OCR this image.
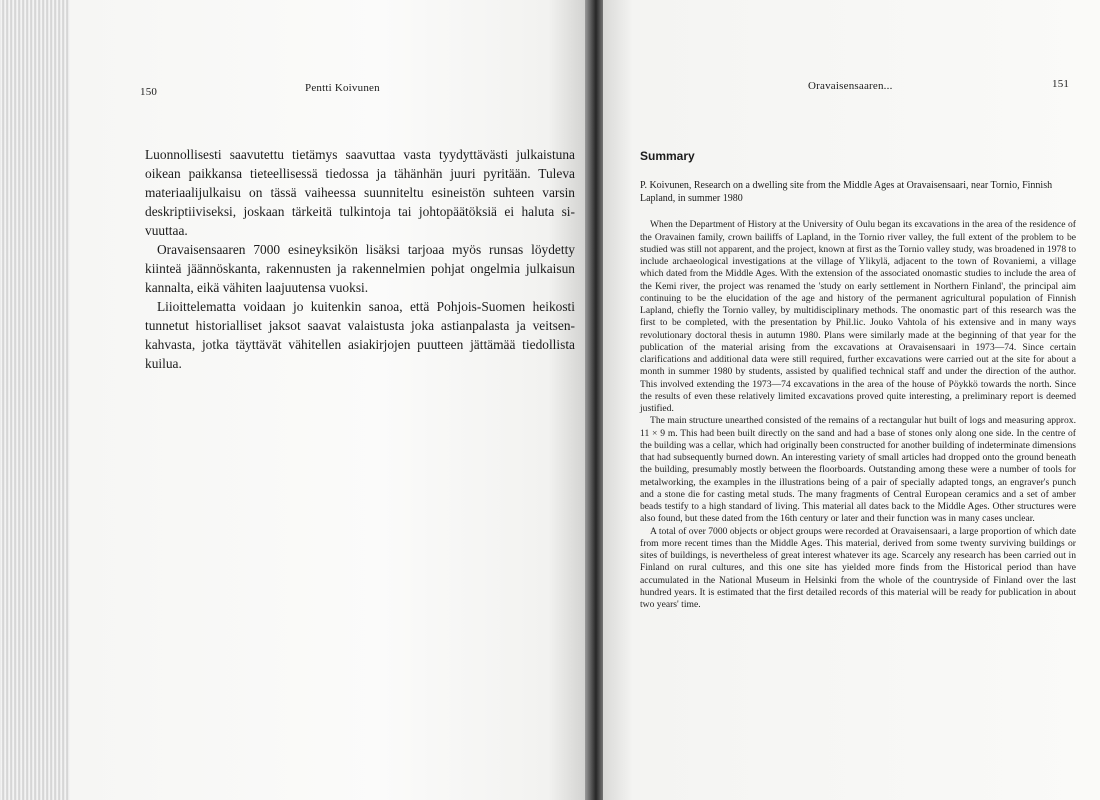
150	Pentti Koivunen

Luonnollisesti saavutettu tietämys saavuttaa vasta tyydyttävästi julkaistuna oikean paikkansa tieteellisessä tiedossa ja tähänhän juuri pyritään. Tuleva materiaalijulkaisu on tässä vaiheessa suunniteltu esineistön suhteen varsin deskriptiiviseksi, joskaan tärkeitä tulkintoja tai johtopäätöksiä ei haluta sivuuttaa.

Oravaisensaaren 7000 esineyksikön lisäksi tarjoaa myös runsas löydetty kiinteä jäännöskanta, rakennusten ja rakennelmien pohjat ongelmia julkaisun kannalta, eikä vähiten laajuutensa vuoksi.

Liioittelematta voidaan jo kuitenkin sanoa, että Pohjois-Suomen heikosti tunnetut historialliset jaksot saavat valaistusta joka astianpalasta ja veitsenkahvasta, jotka täyttävät vähitellen asiakirjojen puutteen jättämää tiedollista kuilua.

Oravaisensaaren...	151
Summary

P. Koivunen, Research on a dwelling site from the Middle Ages at Oravaisensaari, near Tornio, Finnish Lapland, in summer 1980

When the Department of History at the University of Oulu began its excavations in the area of the residence of the Oravainen family, crown bailiffs of Lapland, in the Tornio river valley, the full extent of the problem to be studied was still not apparent, and the project, known at first as the Tornio valley study, was broadened in 1978 to include archaeological investigations at the village of Ylikylä, adjacent to the town of Rovaniemi, a village which dated from the Middle Ages. With the extension of the associated onomastic studies to include the area of the Kemi river, the project was renamed the 'study on early settlement in Northern Finland', the principal aim continuing to be the elucidation of the age and history of the permanent agricultural population of Finnish Lapland, chiefly the Tornio valley, by multidisciplinary methods. The onomastic part of this research was the first to be completed, with the presentation by Phil.lic. Jouko Vahtola of his extensive and in many ways revolutionary doctoral thesis in autumn 1980. Plans were similarly made at the beginning of that year for the publication of the material arising from the excavations at Oravaisensaari in 1973—74. Since certain clarifications and additional data were still required, further excavations were carried out at the site for about a month in summer 1980 by students, assisted by qualified technical staff and under the direction of the author. This involved extending the 1973—74 excavations in the area of the house of Pöykkö towards the north. Since the results of even these relatively limited excavations proved quite interesting, a preliminary report is deemed justified.

The main structure unearthed consisted of the remains of a rectangular hut built of logs and measuring approx. 11 × 9 m. This had been built directly on the sand and had a base of stones only along one side. In the centre of the building was a cellar, which had originally been constructed for another building of indeterminate dimensions that had subsequently burned down. An interesting variety of small articles had dropped onto the ground beneath the building, presumably mostly between the floorboards. Outstanding among these were a number of tools for metalworking, the examples in the illustrations being of a pair of specially adapted tongs, an engraver's punch and a stone die for casting metal studs. The many fragments of Central European ceramics and a set of amber beads testify to a high standard of living. This material all dates back to the Middle Ages. Other structures were also found, but these dated from the 16th century or later and their function was in many cases unclear.

A total of over 7000 objects or object groups were recorded at Oravaisensaari, a large proportion of which date from more recent times than the Middle Ages. This material, derived from some twenty surviving buildings or sites of buildings, is nevertheless of great interest whatever its age. Scarcely any research has been carried out in Finland on rural cultures, and this one site has yielded more finds from the Historical period than have accumulated in the National Museum in Helsinki from the whole of the countryside of Finland over the last hundred years. It is estimated that the first detailed records of this material will be ready for publication in about two years' time.
